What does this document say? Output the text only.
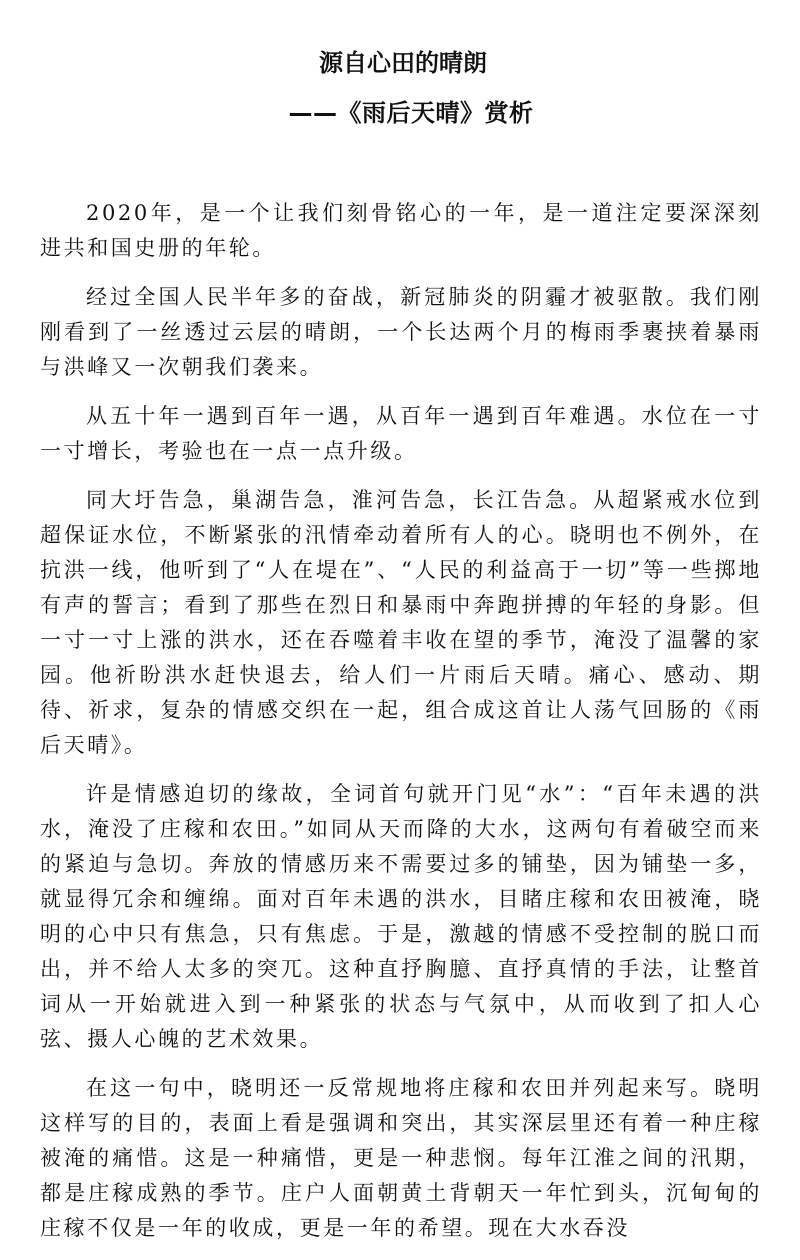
源自心田的晴朗
——《雨后天晴》赏析

2020年，是一个让我们刻骨铭心的一年，是一道注定要深深刻进共和国史册的年轮。

经过全国人民半年多的奋战，新冠肺炎的阴霾才被驱散。我们刚刚看到了一丝透过云层的晴朗，一个长达两个月的梅雨季裹挟着暴雨与洪峰又一次朝我们袭来。

从五十年一遇到百年一遇，从百年一遇到百年难遇。水位在一寸一寸增长，考验也在一点一点升级。

同大圩告急，巢湖告急，淮河告急，长江告急。从超紧戒水位到超保证水位，不断紧张的汛情牵动着所有人的心。晓明也不例外，在抗洪一线，他听到了“人在堤在”、“人民的利益高于一切”等一些掷地有声的誓言；看到了那些在烈日和暴雨中奔跑拼搏的年轻的身影。但一寸一寸上涨的洪水，还在吞噬着丰收在望的季节，淹没了温馨的家园。他祈盼洪水赶快退去，给人们一片雨后天晴。痛心、感动、期待、祈求，复杂的情感交织在一起，组合成这首让人荡气回肠的《雨后天晴》。

许是情感迫切的缘故，全词首句就开门见“水”：“百年未遇的洪水，淹没了庄稼和农田。”如同从天而降的大水，这两句有着破空而来的紧迫与急切。奔放的情感历来不需要过多的铺垫，因为铺垫一多，就显得冗余和缠绵。面对百年未遇的洪水，目睹庄稼和农田被淹，晓明的心中只有焦急，只有焦虑。于是，激越的情感不受控制的脱口而出，并不给人太多的突兀。这种直抒胸臆、直抒真情的手法，让整首词从一开始就进入到一种紧张的状态与气氛中，从而收到了扣人心弦、摄人心魄的艺术效果。

在这一句中，晓明还一反常规地将庄稼和农田并列起来写。晓明这样写的目的，表面上看是强调和突出，其实深层里还有着一种庄稼被淹的痛惜。这是一种痛惜，更是一种悲悯。每年江淮之间的汛期，都是庄稼成熟的季节。庄户人面朝黄土背朝天一年忙到头，沉甸甸的庄稼不仅是一年的收成，更是一年的希望。现在大水吞没
